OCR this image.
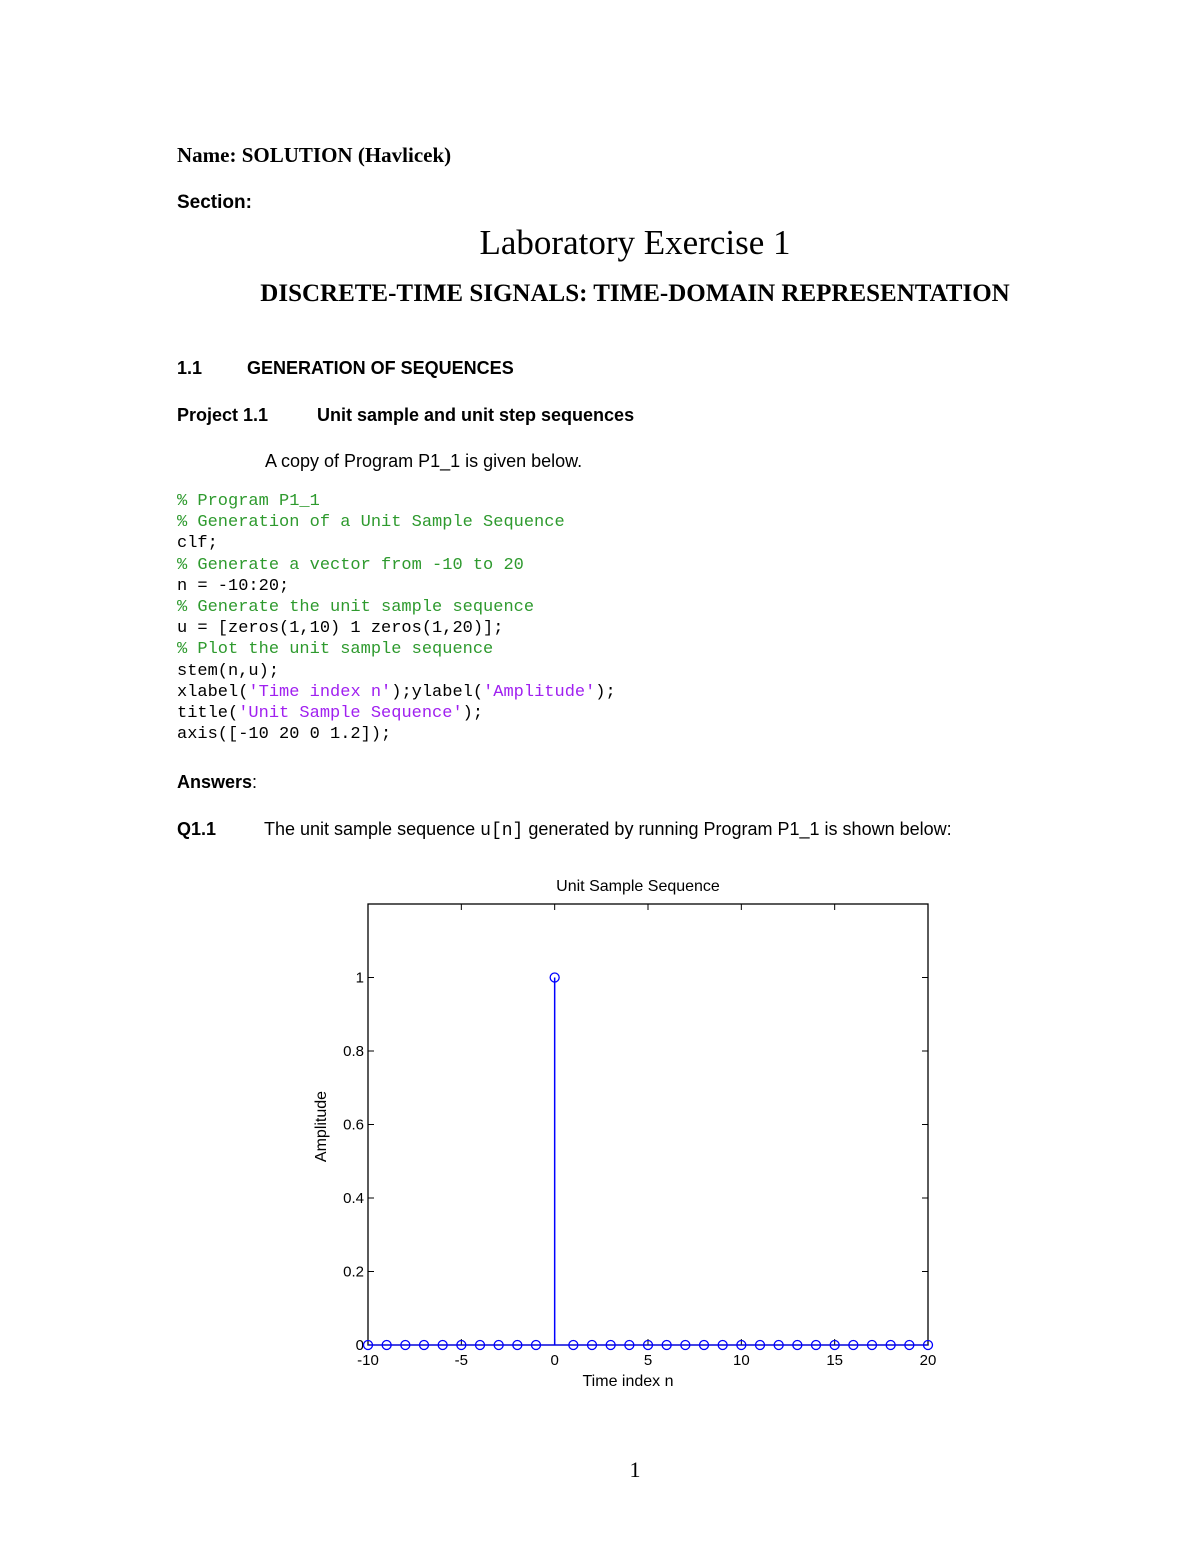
Name: SOLUTION (Havlicek)
Section:
Laboratory Exercise 1
DISCRETE-TIME SIGNALS: TIME-DOMAIN REPRESENTATION
1.1 GENERATION OF SEQUENCES
Project 1.1	Unit sample and unit step sequences
A copy of Program P1_1 is given below.
% Program P1_1
% Generation of a Unit Sample Sequence
clf;
% Generate a vector from -10 to 20
n = -10:20;
% Generate the unit sample sequence
u = [zeros(1,10) 1 zeros(1,20)];
% Plot the unit sample sequence
stem(n,u);
xlabel('Time index n');ylabel('Amplitude');
title('Unit Sample Sequence');
axis([-10 20 0 1.2]);
Answers:
Q1.1	The unit sample sequence u[n] generated by running Program P1_1 is shown below:
-10	-5	0	5	10	15	20
0
0.2
0.4
0.6
0.8
1
Unit Sample Sequence
Time index n
Amplitude
1
